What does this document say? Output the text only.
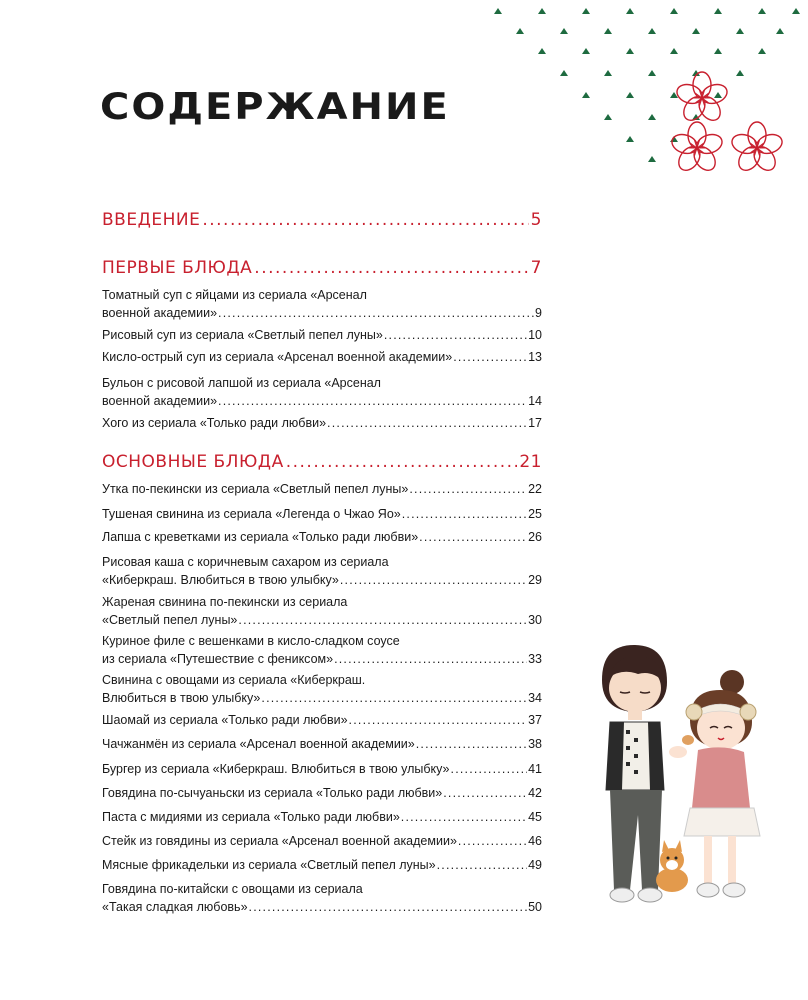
СОДЕРЖАНИЕ
ВВЕДЕНИЕ .....	5
ПЕРВЫЕ БЛЮДА .....	7
Томатный суп с яйцами из сериала «Арсенал
военной академии» .....	9
Рисовый суп из сериала «Светлый пепел луны» .....	10
Кисло-острый суп из сериала «Арсенал военной академии» .....	13
Бульон с рисовой лапшой из сериала «Арсенал
военной академии» .....	14
Хого из сериала «Только ради любви» .....	17
ОСНОВНЫЕ БЛЮДА .....	21
Утка по-пекински из сериала «Светлый пепел луны» .....	22
Тушеная свинина из сериала «Легенда о Чжао Яо» .....	25
Лапша с креветками из сериала «Только ради любви» .....	26
Рисовая каша с коричневым сахаром из сериала
«Киберкраш. Влюбиться в твою улыбку» .....	29
Жареная свинина по-пекински из сериала
«Светлый пепел луны» .....	30
Куриное филе с вешенками в кисло-сладком соусе
из сериала «Путешествие с фениксом» .....	33
Свинина с овощами из сериала «Киберкраш.
Влюбиться в твою улыбку» .....	34
Шаомай из сериала «Только ради любви» .....	37
Чачжанмён из сериала «Арсенал военной академии» .....	38
Бургер из сериала «Киберкраш. Влюбиться в твою улыбку» .....	41
Говядина по-сычуаньски из сериала «Только ради любви» .....	42
Паста с мидиями из сериала «Только ради любви» .....	45
Стейк из говядины из сериала «Арсенал военной академии» .....	46
Мясные фрикадельки из сериала «Светлый пепел луны» .....	49
Говядина по-китайски с овощами из сериала
«Такая сладкая любовь» .....	50
